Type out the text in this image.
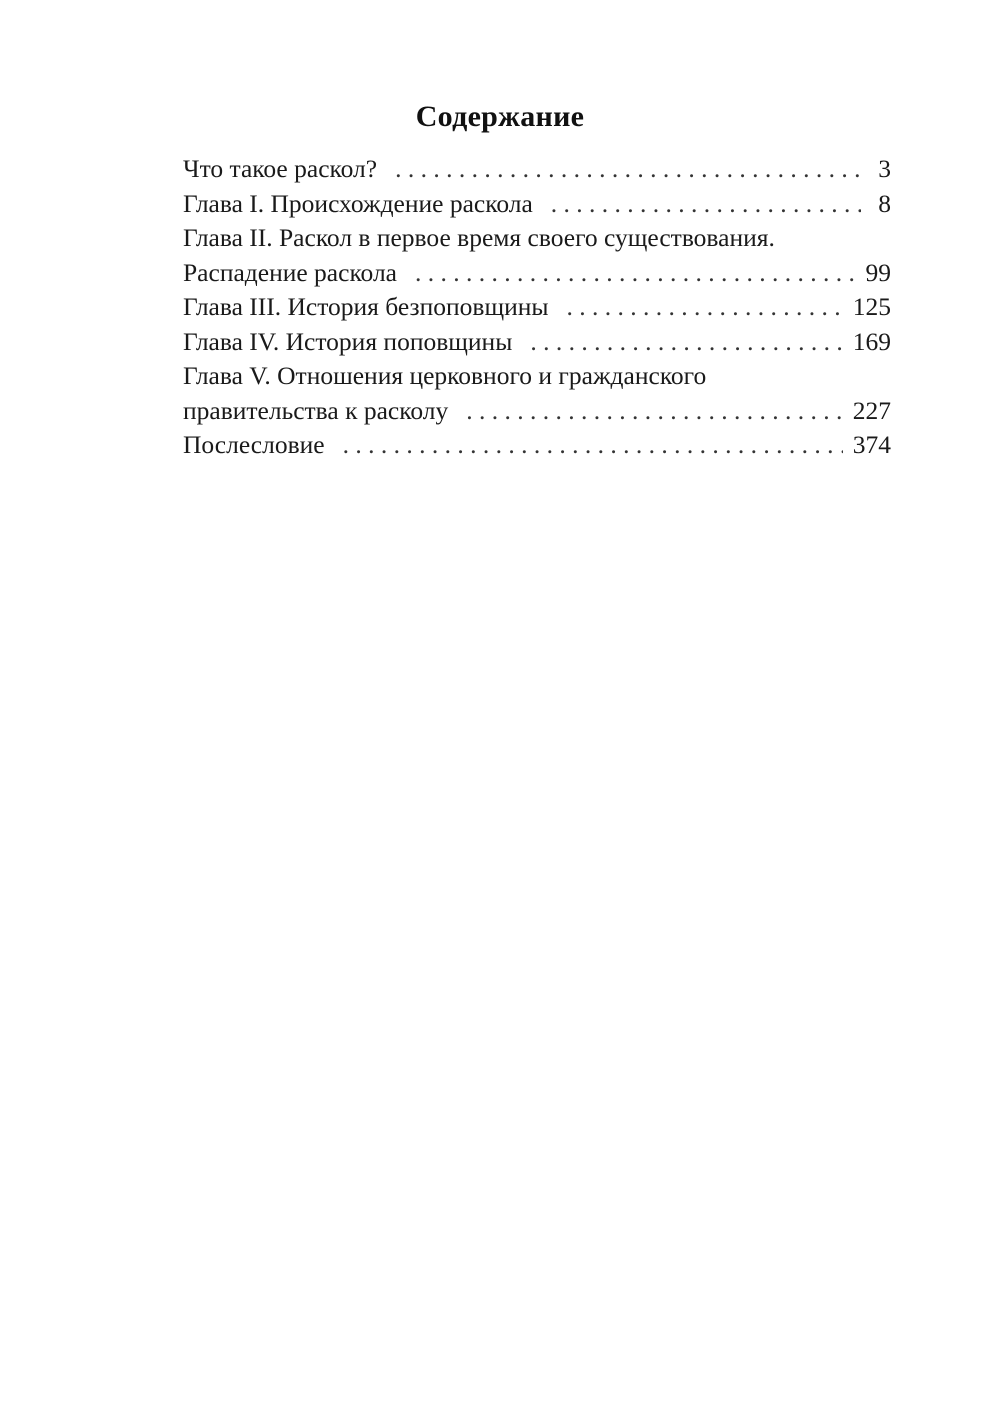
Содержание
Что такое раскол? . . .	3
Глава I. Происхождение раскола . . .	8
Глава II. Раскол в первое время своего существования.
Распадение раскола . . .	99
Глава III. История безпоповщины . . .	125
Глава IV. История поповщины . . .	169
Глава V. Отношения церковного и гражданского
правительства к расколу . . .	227
Послесловие . . .	374
